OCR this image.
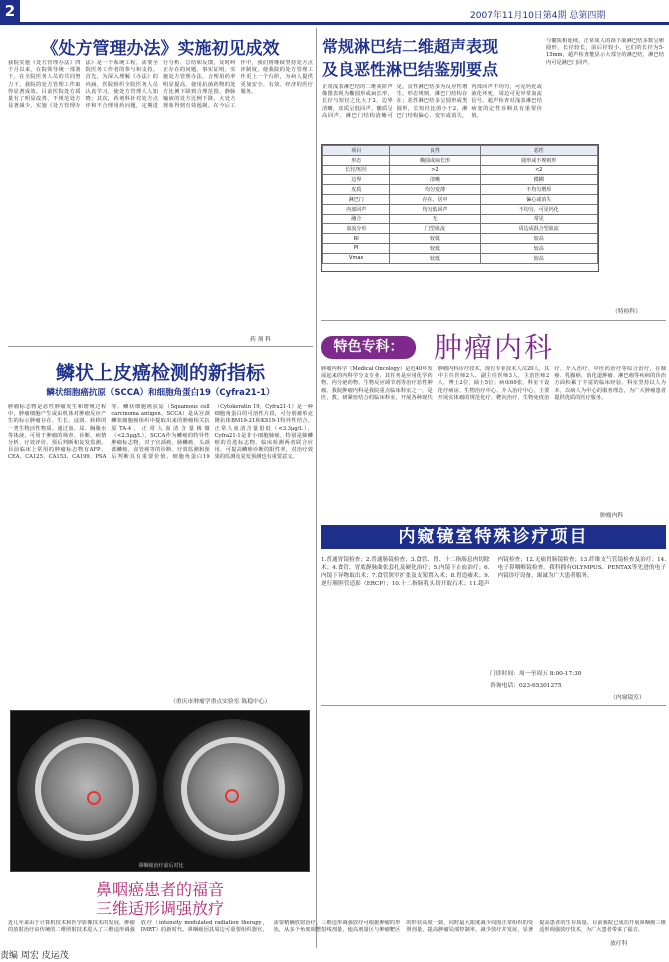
2	2007年11月10日第4期 总第四期
《处方管理办法》实施初见成效
我院实施《处方管理办法》四个月以来，在院领导统一部署下，在全院医务人员的共同努力下，我院的处方管理工作取得显著成效。目前医院处方质量有了明显改善，不规范处方显著减少。实施《处方管理办法》是一个系统工程，需要全院医务工作者的参与和支持。首先，为深入理解《办法》的内涵，医院组织全院医务人员认真学习，使处方管理人人知晓；其次，药剂科针对处方点评和不合理用药问题，定期进行分析、总结和反馈，及时纠正存在的问题。事实证明，实施处方管理办法，合理用药率明显提高，使用抗菌药物的处方比例下降到合理范围，静脉输液的处方比例下降，大处方现象得到有效遏制。在今后工作中，我们将继续坚持处方点评制度，使我院的处方管理工作更上一个台阶，为病人提供更加安全、有效、经济的医疗服务。
药 剂 科
常规淋巴结二维超声表现
及良恶性淋巴结鉴别要点
正常浅表淋巴结的二维灰阶声像图表现为椭圆形或扁长形，长径与短径之比大于2，边界清晰，皮质呈低回声，髓质呈高回声，淋巴门结构清晰可见。良性淋巴结多为反应性增生，形态规则，淋巴门结构存在；恶性淋巴结多呈圆形或类圆形，长短径比值小于2，淋巴门结构偏心、变窄或消失，内部回声不均匀，可见钙化或液化坏死，周边可见异常血流信号。超声检查对浅表淋巴结病变的定性诊断具有重要价值。
与髓质相延续。正常成人的颈下颌淋巴结多数呈卵圆形，长径较长，前后径较小，它们的长径为5-15mm，超声检查能显示大部分的淋巴结，淋巴结内可见淋巴门回声。
项目	良性	恶性
形态	椭圆或扁长形	圆形或不规则形
长径/短径	>2	<2
边界	清晰	模糊
皮质	均匀变薄	不均匀增厚
淋巴门	存在、居中	偏心或消失
内部回声	均匀低回声	不均匀，可见钙化
融合	无	常见
血流分布	门型血流	周边或混合型血流
RI	较低	较高
PI	较低	较高
Vmax	较低	较高
（特检科）
鳞状上皮癌检测的新指标
鳞状细胞癌抗原（SCCA）和细胞角蛋白19（Cyfra21-1）
肿瘤标志物是恶性肿瘤发生和增殖过程中，肿瘤细胞产生或由机体对肿瘤反应产生的标示肿瘤存在、生长、浸润、转移的一类生物活性物质。通过血、尿、胸腹水等体液，可用于肿瘤的筛查、诊断、病情分析、疗效评价、预后判断和复发监测。目前临床上常用的肿瘤标志物有AFP、CEA、CA125、CA153、CA199、PSA等。鳞状细胞癌抗原（Squamous cell carcinoma antigen，SCCA）是从宫颈鳞状细胞癌组织中提取出来的肿瘤相关抗原TA-4，正常人血清含量极微（<2.5μg/L），SCCA作为鳞癌的特异性肿瘤标志物，对子宫颈癌、肺鳞癌、头颈部鳞癌、食管癌等的诊断、疗效监测和预后判断具有重要价值。细胞角蛋白19（Cytokeratin 19，Cyfra21-1）是一种细胞角蛋白的可溶性片段，可分别被单克隆抗体BM19-21和KS19-1特异性结合。正常人血清含量很低（<3.3μg/L），Cyfra21-1是非小细胞肺癌，特别是肺鳞癌的首选标志物。临床检测两者联合应用，可提高鳞癌诊断的阳性率，对治疗效果的监测及复发预测也有重要意义。
（重庆市肿瘤学重点实验室 陈稳中心）
鼻咽癌治疗前后对比
鼻咽癌患者的福音
三维适形调强放疗
近几年来由于计算机技术和医学影像技术的发展，肿瘤的放射治疗由传统的二维照射技术进入了三维适形调强放疗（intensity modulated radiation therapy，IMRT）的新时代。鼻咽癌因其周边可重要组织器官，需要精确放射治疗。三维适形调强放疗可根据肿瘤的形状，从多个角度调整射线剂量，使高剂量区与肿瘤靶区的形状高度一致，同时最大限度减少周围正常组织的受照剂量，提高肿瘤局部控制率，减少放疗并发症，显著提高患者的生存质量。目前我院已成功开展鼻咽癌三维适形调强放疗技术，为广大患者带来了福音。
放疗科
特色专科：	肿瘤内科
肿瘤内科学（Medical Oncology）是近40年发展起来的内科学分支专业，其任务是应用化学药物、内分泌药物、生物反应调节剂等治疗恶性肿瘤。我院肿瘤内科是我院重点临床科室之一，是医、教、研紧密结合的临床科室，开展各种现代肿瘤内科诊疗技术，现有专业技术人员20人，其中主任医师2人，副主任医师3人，主治医师2人，博士2位，硕士5位；病床60张，科室下设化疗病房、生物治疗中心、介入治疗中心。主要开展实体瘤的规范化疗、靶向治疗、生物免疫治疗、介入治疗、中医药治疗等综合治疗，在肺癌、乳腺癌、消化道肿瘤、淋巴瘤等疾病的诊治方面积累了丰富的临床经验。科室坚持以人为本，以病人为中心的服务理念，为广大肿瘤患者提供优质的医疗服务。
肿瘤内科
内窥镜室特殊诊疗项目
1.普通胃镜检查；2.普通肠镜检查；3.食管、胃、十二指肠息肉切除术；4.食管、胃底静脉曲张套扎及硬化治疗；5.内镜下止血治疗；6.内镜下异物取出术；7.食管狭窄扩张及支架置入术；8.胃造瘘术；9.逆行胰胆管造影（ERCP）；10.十二指肠乳头切开取石术；11.超声内镜检查；12.无痛胃肠镜检查；13.纤维支气管镜检查及治疗；14.电子鼻咽喉镜检查。我科拥有OLYMPUS、PENTAX等先进的电子内镜诊疗设备，竭诚为广大患者服务。
门诊时间：周一至周五 8:00-17:30
咨询电话：023-65301275
（内窥镜室）
责编 周宏 皮运茂
